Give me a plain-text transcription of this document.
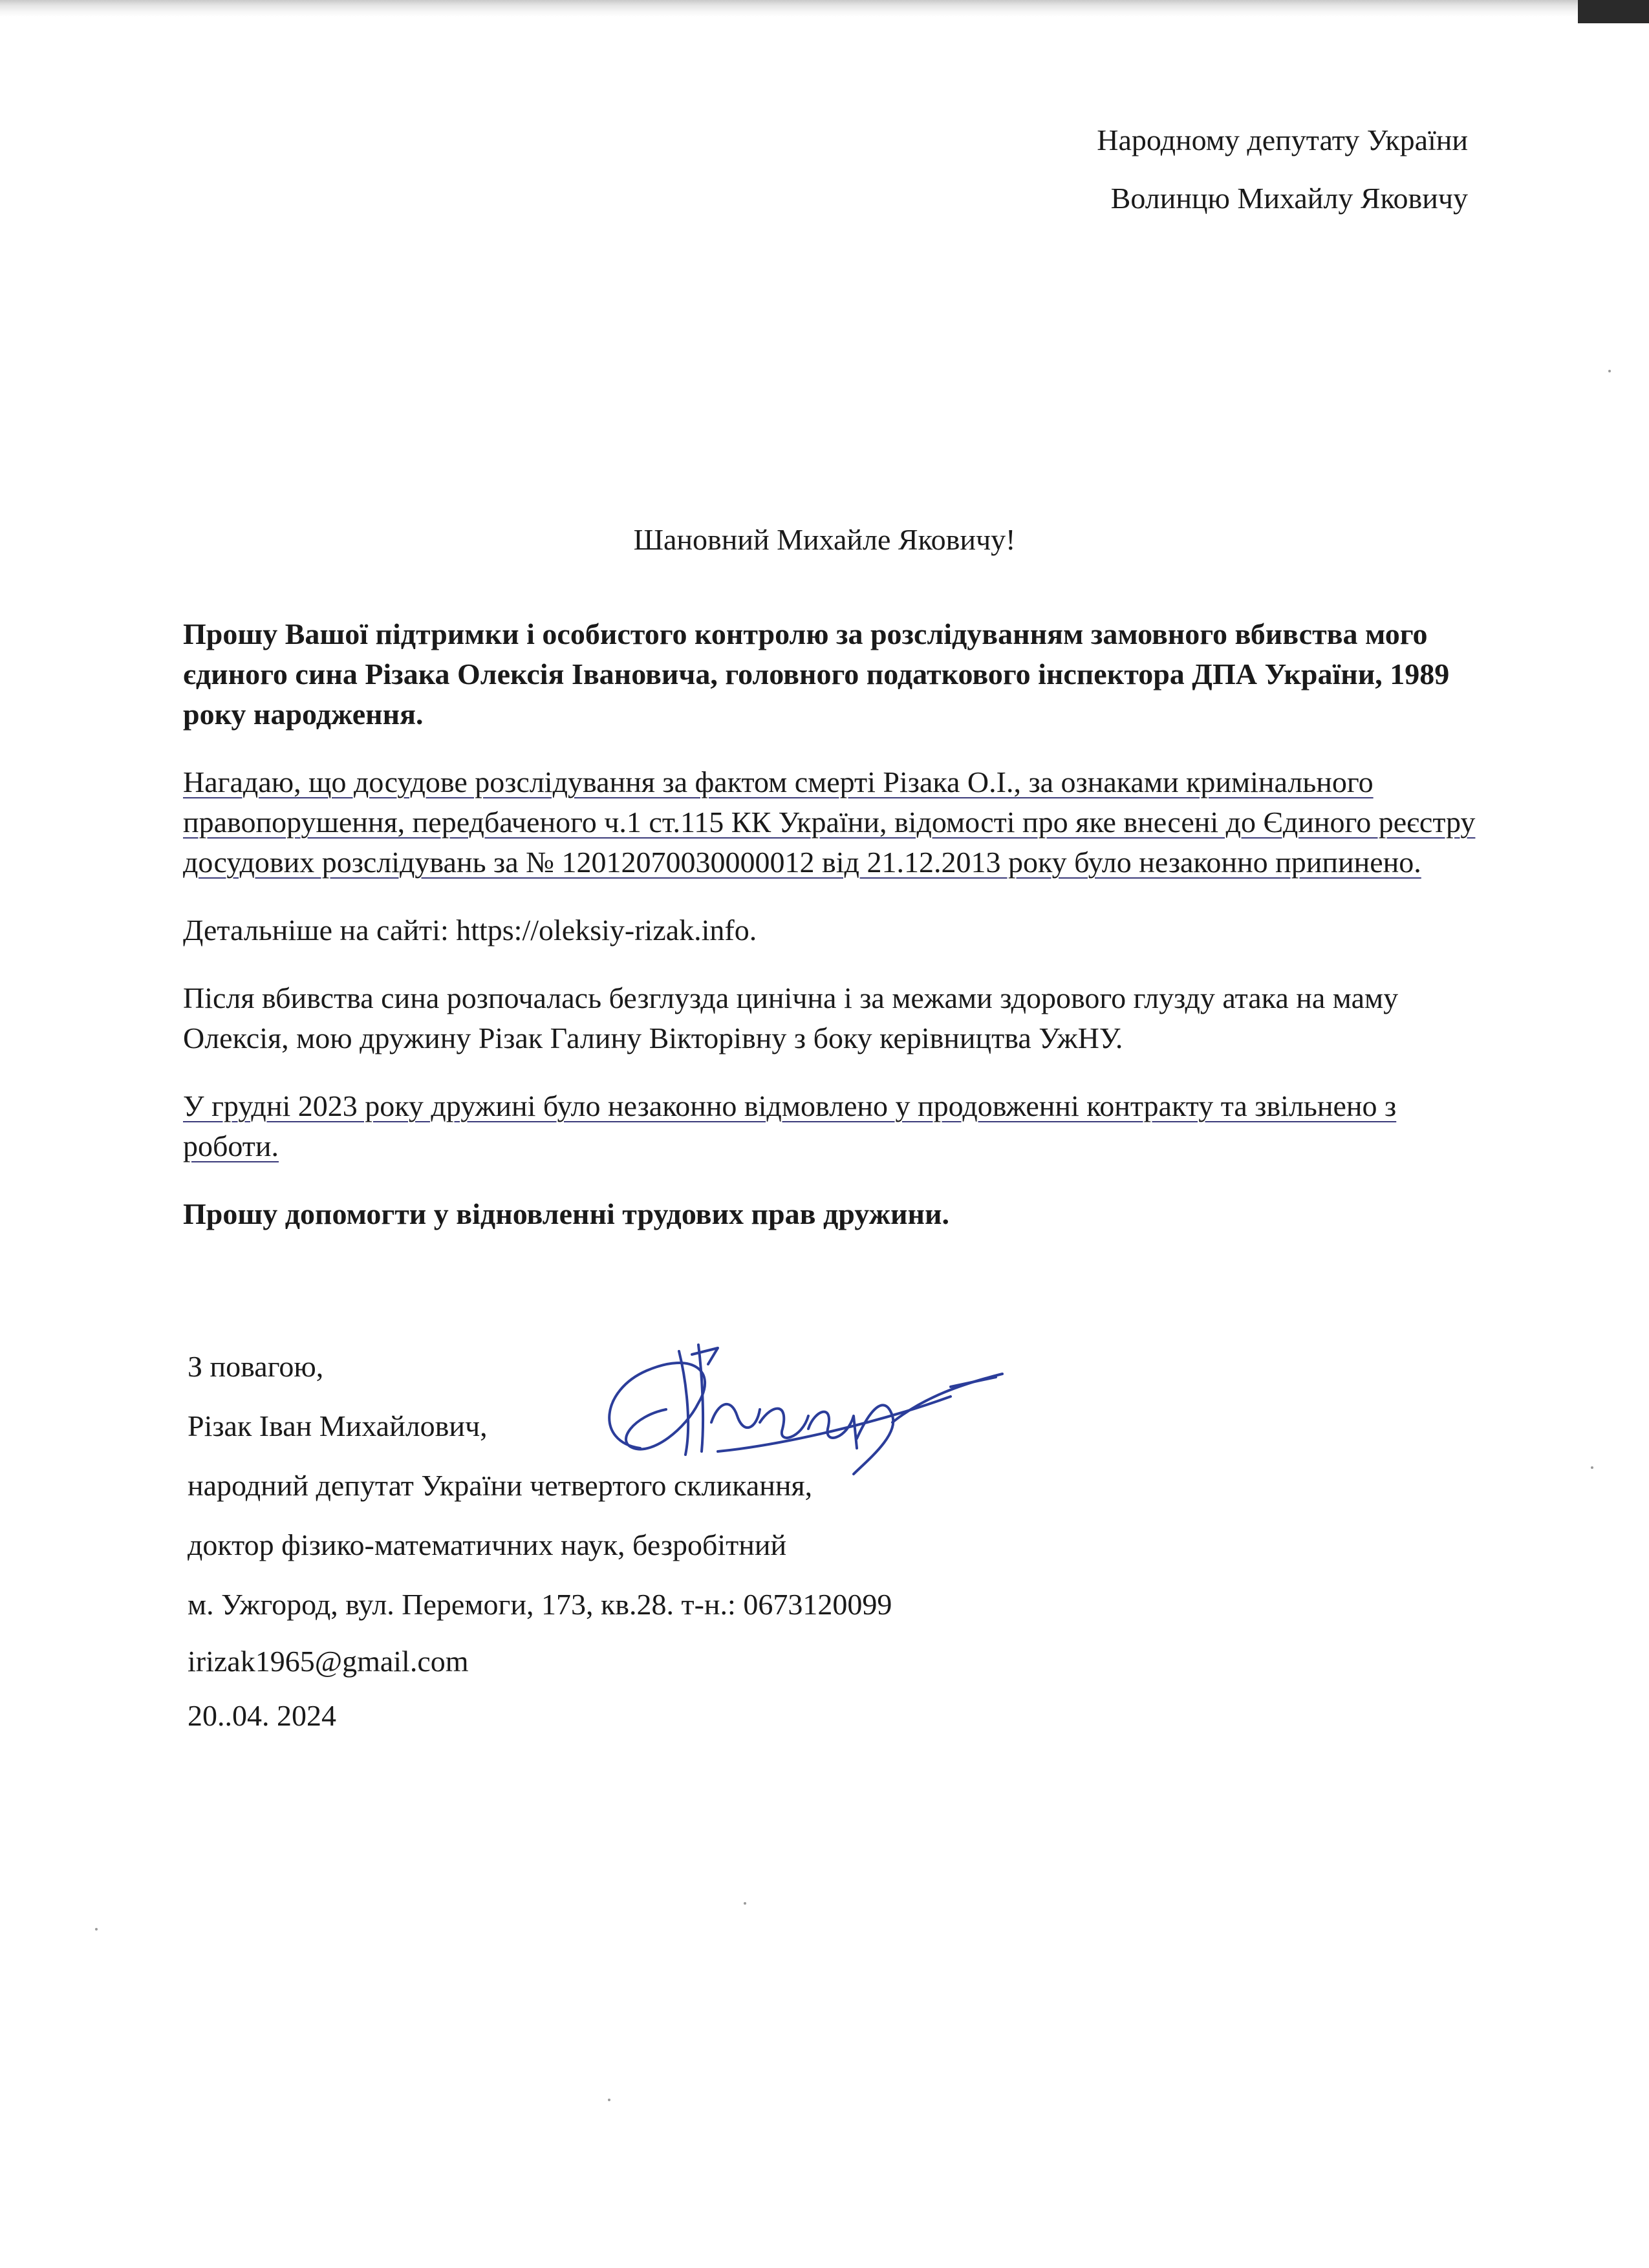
Народному депутату України
Волинцю Михайлу Яковичу
Шановний Михайле Яковичу!

Прошу Вашої підтримки і особистого контролю за розслідуванням замовного вбивства мого єдиного сина Різака Олексія Івановича, головного податкового інспектора ДПА України, 1989 року народження.

Нагадаю, що досудове розслідування за фактом смерті Різака О.І., за ознаками кримінального правопорушення, передбаченого ч.1 ст.115 КК України, відомості про яке внесені до Єдиного реєстру досудових розслідувань за № 12012070030000012 від 21.12.2013 року було незаконно припинено.

Детальніше на сайті: https://oleksiy-rizak.info.

Після вбивства сина розпочалась безглузда цинічна і за межами здорового глузду атака на маму Олексія, мою дружину Різак Галину Вікторівну з боку керівництва УжНУ.

У грудні 2023 року дружині було незаконно відмовлено у продовженні контракту та звільнено з роботи.

Прошу допомогти у відновленні трудових прав дружини.

З повагою,
Різак Іван Михайлович,
народний депутат України четвертого скликання,
доктор фізико-математичних наук, безробітний
м. Ужгород, вул. Перемоги, 173, кв.28. т-н.: 0673120099
irizak1965@gmail.com
20..04. 2024
